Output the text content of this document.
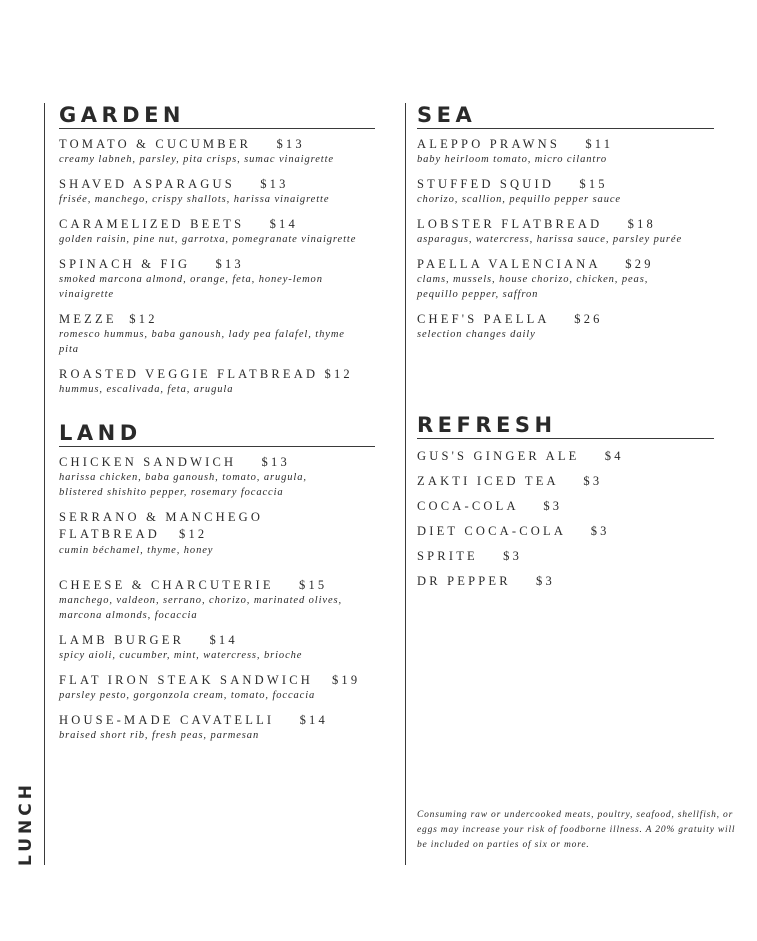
LUNCH
GARDEN
TOMATO & CUCUMBER    $13
creamy labneh, parsley, pita crisps, sumac vinaigrette
SHAVED ASPARAGUS    $13
frisée, manchego, crispy shallots, harissa vinaigrette
CARAMELIZED BEETS    $14
golden raisin, pine nut, garrotxa, pomegranate vinaigrette
SPINACH & FIG    $13
smoked marcona almond, orange, feta, honey-lemon vinaigrette
MEZZE  $12
romesco hummus, baba ganoush, lady pea falafel, thyme pita
ROASTED VEGGIE FLATBREAD $12
hummus, escalivada, feta, arugula
LAND
CHICKEN SANDWICH    $13
harissa chicken, baba ganoush, tomato, arugula, blistered shishito pepper, rosemary focaccia
SERRANO & MANCHEGO FLATBREAD   $12
cumin béchamel, thyme, honey
CHEESE & CHARCUTERIE    $15
manchego, valdeon, serrano, chorizo, marinated olives, marcona almonds, focaccia
LAMB BURGER    $14
spicy aioli, cucumber, mint, watercress, brioche
FLAT IRON STEAK SANDWICH   $19
parsley pesto, gorgonzola cream, tomato, foccacia
HOUSE-MADE CAVATELLI    $14
braised short rib, fresh peas, parmesan
SEA
ALEPPO PRAWNS    $11
baby heirloom tomato, micro cilantro
STUFFED SQUID    $15
chorizo, scallion, pequillo pepper sauce
LOBSTER FLATBREAD    $18
asparagus, watercress, harissa sauce, parsley purée
PAELLA VALENCIANA    $29
clams, mussels, house chorizo, chicken, peas, pequillo pepper, saffron
CHEF'S PAELLA    $26
selection changes daily
REFRESH
GUS'S GINGER ALE    $4
ZAKTI ICED TEA    $3
COCA-COLA    $3
DIET COCA-COLA    $3
SPRITE    $3
DR PEPPER    $3
Consuming raw or undercooked meats, poultry, seafood, shellfish, or eggs may increase your risk of foodborne illness. A 20% gratuity will be included on parties of six or more.
